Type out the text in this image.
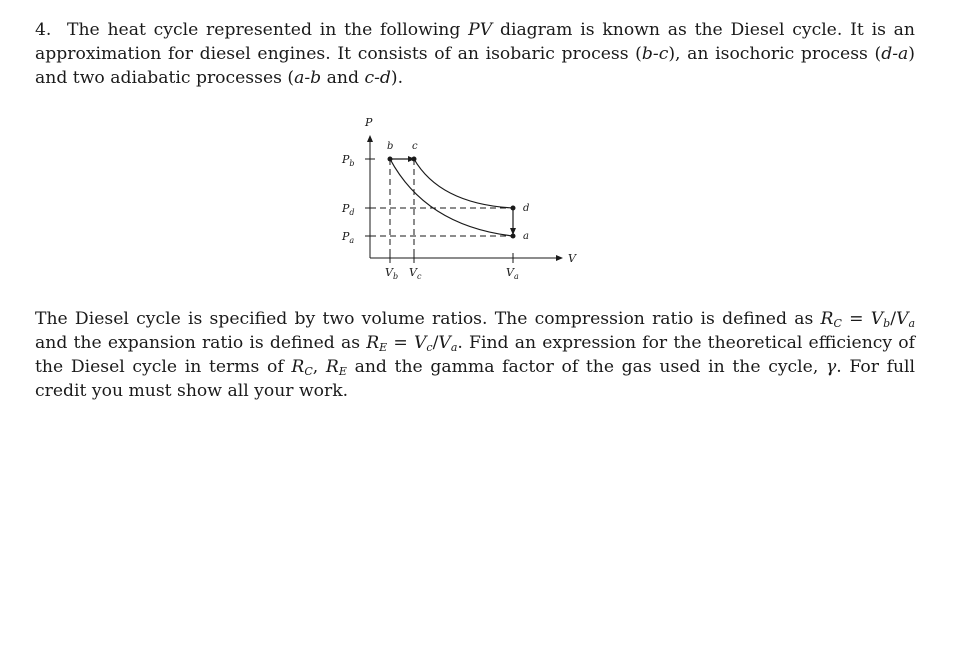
4. The heat cycle represented in the following PV diagram is known as the Diesel cycle. It is an approximation for diesel engines. It consists of an isobaric process (b-c), an isochoric process (d-a) and two adiabatic processes (a-b and c-d).

P
V
$P_b$
$P_d$
$P_a$
$V_b$ $V_c$	$V_a$
b c
d
a

The Diesel cycle is specified by two volume ratios. The compression ratio is defined as $R_C = V_b/V_a$ and the expansion ratio is defined as $R_E = V_c/V_a$. Find an expression for the theoretical efficiency of the Diesel cycle in terms of $R_C$, $R_E$ and the gamma factor of the gas used in the cycle, γ. For full credit you must show all your work.
